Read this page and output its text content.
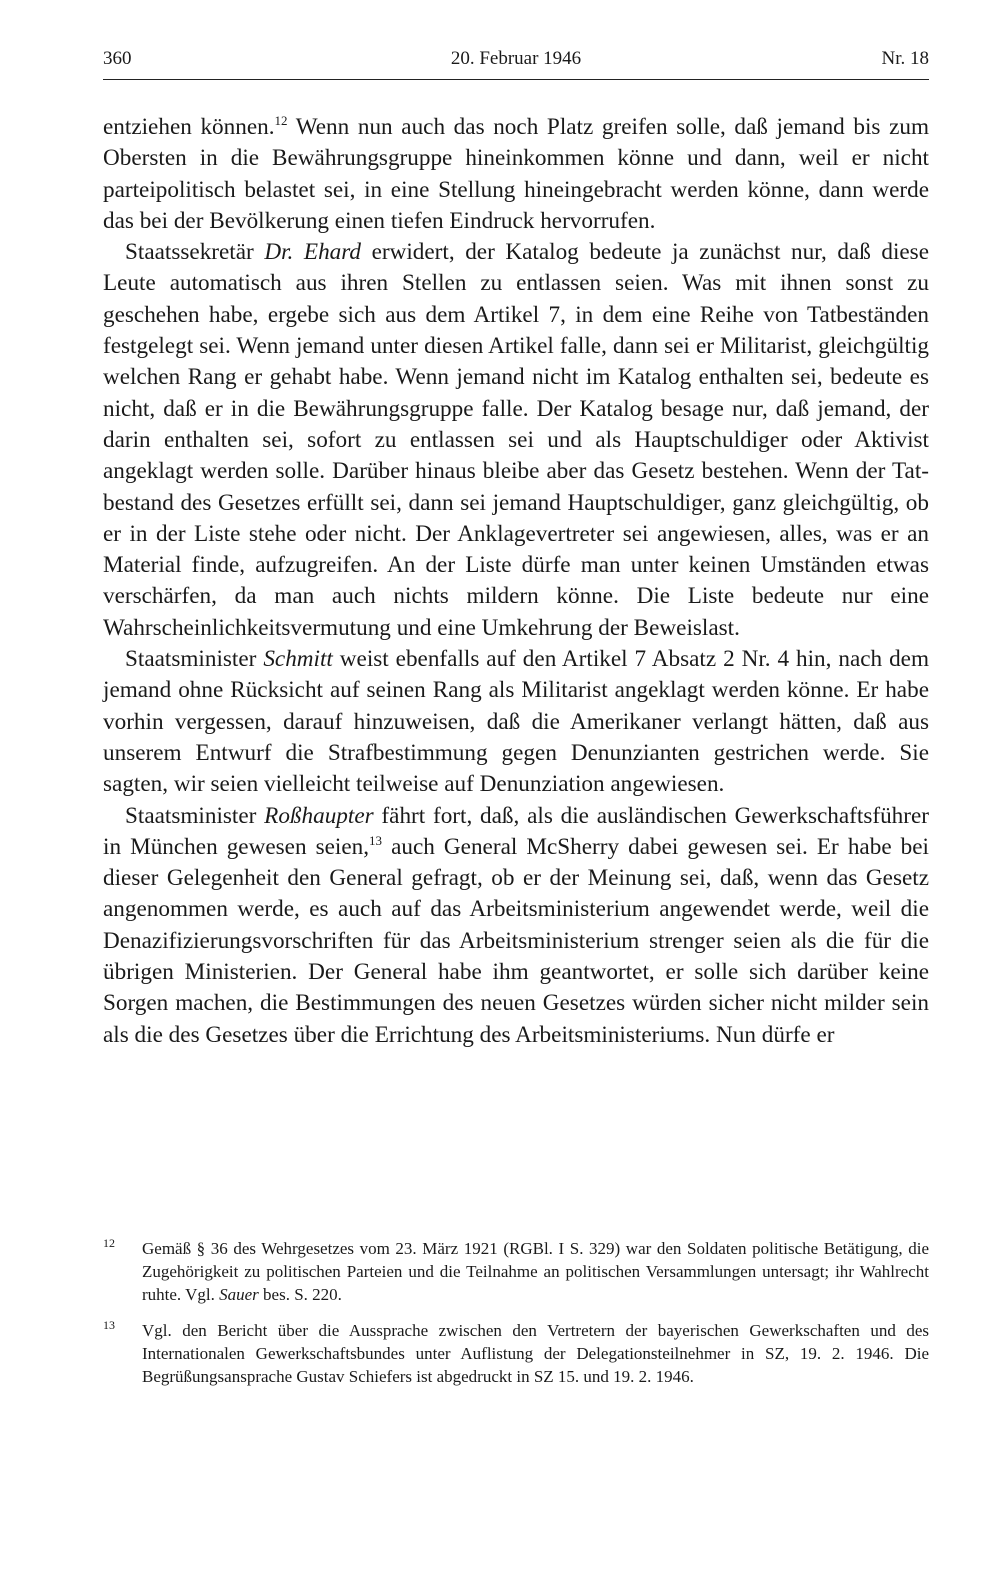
360	20. Februar 1946	Nr. 18

entziehen können.$^{12}$ Wenn nun auch das noch Platz greifen solle, daß jemand bis zum Obersten in die Bewährungsgruppe hineinkommen könne und dann, weil er nicht parteipolitisch belastet sei, in eine Stellung hineingebracht werden könne, dann werde das bei der Bevölkerung einen tiefen Eindruck hervorrufen.

Staatssekretär Dr. Ehard erwidert, der Katalog bedeute ja zunächst nur, daß diese Leute automatisch aus ihren Stellen zu entlassen seien. Was mit ihnen sonst zu geschehen habe, ergebe sich aus dem Artikel 7, in dem eine Reihe von Tatbeständen festgelegt sei. Wenn jemand unter diesen Artikel falle, dann sei er Militarist, gleichgültig welchen Rang er gehabt habe. Wenn jemand nicht im Katalog enthalten sei, bedeute es nicht, daß er in die Bewährungsgruppe falle. Der Katalog besage nur, daß jemand, der darin enthalten sei, sofort zu entlassen sei und als Hauptschuldiger oder Aktivist angeklagt werden solle. Darüber hinaus bleibe aber das Gesetz bestehen. Wenn der Tatbestand des Gesetzes erfüllt sei, dann sei jemand Hauptschuldiger, ganz gleichgültig, ob er in der Liste stehe oder nicht. Der Anklagevertreter sei angewiesen, alles, was er an Material finde, aufzugreifen. An der Liste dürfe man unter keinen Umständen etwas verschärfen, da man auch nichts mildern könne. Die Liste bedeute nur eine Wahrscheinlichkeitsvermutung und eine Umkehrung der Beweislast.

Staatsminister Schmitt weist ebenfalls auf den Artikel 7 Absatz 2 Nr. 4 hin, nach dem jemand ohne Rücksicht auf seinen Rang als Militarist angeklagt werden könne. Er habe vorhin vergessen, darauf hinzuweisen, daß die Amerikaner verlangt hätten, daß aus unserem Entwurf die Strafbestimmung gegen Denunzianten gestrichen werde. Sie sagten, wir seien vielleicht teilweise auf Denunziation angewiesen.

Staatsminister Roßhaupter fährt fort, daß, als die ausländischen Gewerkschaftsführer in München gewesen seien,$^{13}$ auch General McSherry dabei gewesen sei. Er habe bei dieser Gelegenheit den General gefragt, ob er der Meinung sei, daß, wenn das Gesetz angenommen werde, es auch auf das Arbeitsministerium angewendet werde, weil die Denazifizierungsvorschriften für das Arbeitsministerium strenger seien als die für die übrigen Ministerien. Der General habe ihm geantwortet, er solle sich darüber keine Sorgen machen, die Bestimmungen des neuen Gesetzes würden sicher nicht milder sein als die des Gesetzes über die Errichtung des Arbeitsministeriums. Nun dürfe er

12 Gemäß § 36 des Wehrgesetzes vom 23. März 1921 (RGBl. I S. 329) war den Soldaten politische Betätigung, die Zugehörigkeit zu politischen Parteien und die Teilnahme an politischen Versammlungen untersagt; ihr Wahlrecht ruhte. Vgl. Sauer bes. S. 220.
13 Vgl. den Bericht über die Aussprache zwischen den Vertretern der bayerischen Gewerkschaften und des Internationalen Gewerkschaftsbundes unter Auflistung der Delegationsteilnehmer in SZ, 19. 2. 1946. Die Begrüßungsansprache Gustav Schiefers ist abgedruckt in SZ 15. und 19. 2. 1946.
